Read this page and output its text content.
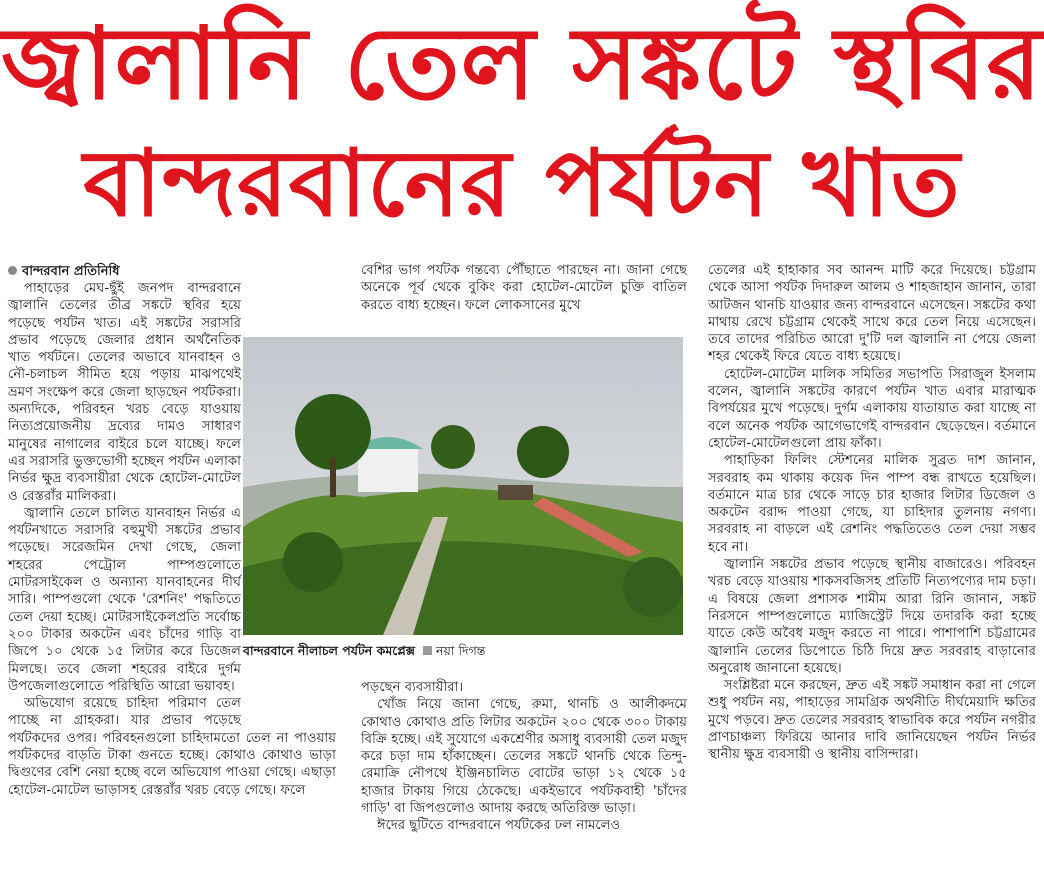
জ্বালানি তেল সঙ্কটে স্থবির
বান্দরবানের পর্যটন খাত
বান্দরবান প্রতিনিধি

পাহাড়ের মেঘ-ছুঁই জনপদ বান্দরবানে জ্বালানি তেলের তীব্র সঙ্কটে স্থবির হয়ে পড়েছে পর্যটন খাত। এই সঙ্কটের সরাসরি প্রভাব পড়েছে জেলার প্রধান অর্থনৈতিক খাত পর্যটনে। তেলের অভাবে যানবাহন ও নৌ-চলাচল সীমিত হয়ে পড়ায় মাঝপথেই ভ্রমণ সংক্ষেপ করে জেলা ছাড়ছেন পর্যটকরা। অন্যদিকে, পরিবহন খরচ বেড়ে যাওয়ায় নিত্যপ্রয়োজনীয় দ্রব্যের দামও সাধারণ মানুষের নাগালের বাইরে চলে যাচ্ছে। ফলে এর সরাসরি ভুক্তভোগী হচ্ছেন পর্যটন এলাকা নির্ভর ক্ষুদ্র ব্যবসায়ীরা থেকে হোটেল-মোটেল ও রেস্তরাঁর মালিকরা।

জ্বালানি তেলে চালিত যানবাহন নির্ভর এ পর্যটনখাতে সরাসরি বহুমুখী সঙ্কটের প্রভাব পড়েছে। সরেজমিন দেখা গেছে, জেলা শহরের পেট্রোল পাম্পগুলোতে মোটরসাইকেল ও অন্যান্য যানবাহনের দীর্ঘ সারি। পাম্পগুলো থেকে 'রেশনিং' পদ্ধতিতে তেল দেয়া হচ্ছে। মোটরসাইকেলপ্রতি সর্বোচ্চ ২০০ টাকার অকটেন এবং চাঁদের গাড়ি বা জিপে ১০ থেকে ১৫ লিটার করে ডিজেল মিলছে। তবে জেলা শহরের বাইরে দুর্গম উপজেলাগুলোতে পরিস্থিতি আরো ভয়াবহ।

অভিযোগ রয়েছে চাহিদা পরিমাণ তেল পাচ্ছে না গ্রাহকরা। যার প্রভাব পড়েছে পর্যটকদের ওপর। পরিবহনগুলো চাহিদামতো তেল না পাওয়ায় পর্যটকদের বাড়তি টাকা গুনতে হচ্ছে। কোথাও কোথাও ভাড়া দ্বিগুণের বেশি নেয়া হচ্ছে বলে অভিযোগ পাওয়া গেছে। এছাড়া হোটেল-মোটেল ভাড়াসহ রেস্তরাঁর খরচ বেড়ে গেছে। ফলে

বেশির ভাগ পর্যটক গন্তব্যে পৌঁছাতে পারছেন না। জানা গেছে অনেকে পূর্ব থেকে বুকিং করা হোটেল-মোটেল চুক্তি বাতিল করতে বাধ্য হচ্ছেন। ফলে লোকসানের মুখে

বান্দরবানে নীলাচল পর্যটন কমপ্লেক্স নয়া দিগন্ত

পড়ছেন ব্যবসায়ীরা।

খোঁজ নিয়ে জানা গেছে, রুমা, থানচি ও আলীকদমে কোথাও কোথাও প্রতি লিটার অকটেন ২০০ থেকে ৩০০ টাকায় বিক্রি হচ্ছে। এই সুযোগে একশ্রেণীর অসাধু ব্যবসায়ী তেল মজুদ করে চড়া দাম হাঁকাচ্ছেন। তেলের সঙ্কটে থানচি থেকে তিন্দু-রেমাক্রি নৌপথে ইঞ্জিনচালিত বোটের ভাড়া ১২ থেকে ১৫ হাজার টাকায় গিয়ে ঠেকেছে। একইভাবে পর্যটকবাহী 'চাঁদের গাড়ি' বা জিপগুলোও আদায় করছে অতিরিক্ত ভাড়া।

ঈদের ছুটিতে বান্দরবানে পর্যটকের ঢল নামলেও

তেলের এই হাহাকার সব আনন্দ মাটি করে দিয়েছে। চট্টগ্রাম থেকে আসা পর্যটক দিদারুল আলম ও শাহজাহান জানান, তারা আটজন থানচি যাওয়ার জন্য বান্দরবানে এসেছেন। সঙ্কটের কথা মাথায় রেখে চট্টগ্রাম থেকেই সাথে করে তেল নিয়ে এসেছেন। তবে তাদের পরিচিত আরো দু'টি দল জ্বালানি না পেয়ে জেলা শহর থেকেই ফিরে যেতে বাধ্য হয়েছে।

হোটেল-মোটেল মালিক সমিতির সভাপতি সিরাজুল ইসলাম বলেন, জ্বালানি সঙ্কটের কারণে পর্যটন খাত এবার মারাত্মক বিপর্যয়ের মুখে পড়েছে। দুর্গম এলাকায় যাতায়াত করা যাচ্ছে না বলে অনেক পর্যটক আগেভাগেই বান্দরবান ছেড়েছেন। বর্তমানে হোটেল-মোটেলগুলো প্রায় ফাঁকা।

পাহাড়িকা ফিলিং স্টেশনের মালিক সুব্রত দাশ জানান, সরবরাহ কম থাকায় কয়েক দিন পাম্প বন্ধ রাখতে হয়েছিল। বর্তমানে মাত্র চার থেকে সাড়ে চার হাজার লিটার ডিজেল ও অকটেন বরাদ্দ পাওয়া গেছে, যা চাহিদার তুলনায় নগণ্য। সরবরাহ না বাড়লে এই রেশনিং পদ্ধতিতেও তেল দেয়া সম্ভব হবে না।

জ্বালানি সঙ্কটের প্রভাব পড়েছে স্থানীয় বাজারেও। পরিবহন খরচ বেড়ে যাওয়ায় শাকসবজিসহ প্রতিটি নিত্যপণ্যের দাম চড়া। এ বিষয়ে জেলা প্রশাসক শামীম আরা রিনি জানান, সঙ্কট নিরসনে পাম্পগুলোতে ম্যাজিস্ট্রেট দিয়ে তদারকি করা হচ্ছে যাতে কেউ অবৈধ মজুদ করতে না পারে। পাশাপাশি চট্টগ্রামের জ্বালানি তেলের ডিপোতে চিঠি দিয়ে দ্রুত সরবরাহ বাড়ানোর অনুরোধ জানানো হয়েছে।

সংশ্লিষ্টরা মনে করছেন, দ্রুত এই সঙ্কট সমাধান করা না গেলে শুধু পর্যটন নয়, পাহাড়ের সামগ্রিক অর্থনীতি দীর্ঘমেয়াদি ক্ষতির মুখে পড়বে। দ্রুত তেলের সরবরাহ স্বাভাবিক করে পর্যটন নগরীর প্রাণচাঞ্চল্য ফিরিয়ে আনার দাবি জানিয়েছেন পর্যটন নির্ভর স্থানীয় ক্ষুদ্র ব্যবসায়ী ও স্থানীয় বাসিন্দারা।
